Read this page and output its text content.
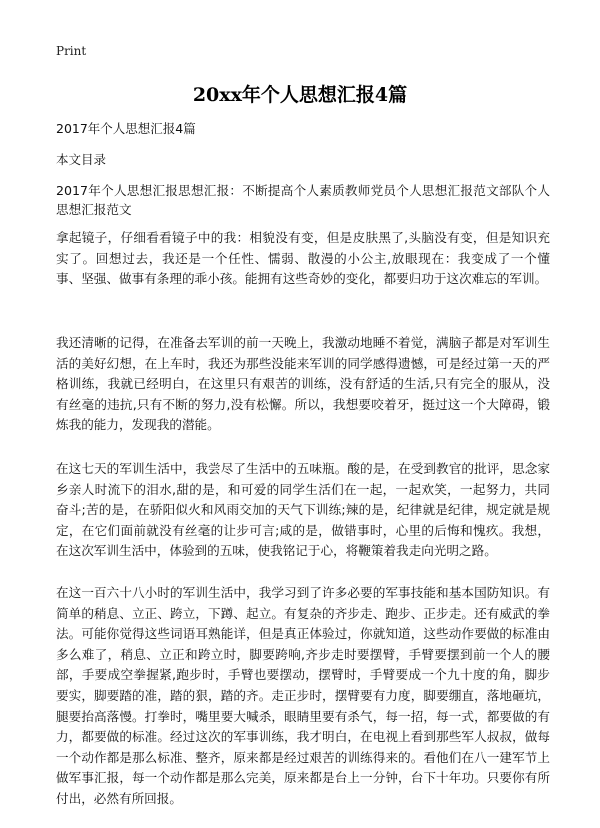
Print
20xx年个人思想汇报4篇

2017年个人思想汇报4篇

本文目录

2017年个人思想汇报思想汇报：不断提高个人素质教师党员个人思想汇报范文部队个人思想汇报范文

拿起镜子，仔细看看镜子中的我：相貌没有变，但是皮肤黑了,头脑没有变，但是知识充实了。回想过去，我还是一个任性、懦弱、散漫的小公主,放眼现在：我变成了一个懂事、坚强、做事有条理的乖小孩。能拥有这些奇妙的变化，都要归功于这次难忘的军训。

我还清晰的记得，在准备去军训的前一天晚上，我激动地睡不着觉，满脑子都是对军训生活的美好幻想，在上车时，我还为那些没能来军训的同学感得遗憾，可是经过第一天的严格训练，我就已经明白，在这里只有艰苦的训练，没有舒适的生活,只有完全的服从，没有丝毫的违抗,只有不断的努力,没有松懈。所以，我想要咬着牙，挺过这一个大障碍，锻炼我的能力，发现我的潜能。

在这七天的军训生活中，我尝尽了生活中的五味瓶。酸的是，在受到教官的批评，思念家乡亲人时流下的泪水,甜的是，和可爱的同学生活们在一起，一起欢笑，一起努力，共同奋斗;苦的是，在骄阳似火和风雨交加的天气下训练;辣的是，纪律就是纪律，规定就是规定，在它们面前就没有丝毫的让步可言;咸的是，做错事时，心里的后悔和愧疚。我想，在这次军训生活中，体验到的五味，使我铭记于心，将鞭策着我走向光明之路。

在这一百六十八小时的军训生活中，我学习到了许多必要的军事技能和基本国防知识。有简单的稍息、立正、跨立，下蹲、起立。有复杂的齐步走、跑步、正步走。还有威武的拳法。可能你觉得这些词语耳熟能详，但是真正体验过，你就知道，这些动作要做的标准由多么难了，稍息、立正和跨立时，脚要跨响,齐步走时要摆臂，手臂要摆到前一个人的腰部，手要成空拳握紧,跑步时，手臂也要摆动，摆臂时，手臂要成一个九十度的角，脚步要实，脚要踏的准，踏的狠，踏的齐。走正步时，摆臂要有力度，脚要绷直，落地砸坑，腿要抬高落慢。打拳时，嘴里要大喊杀，眼睛里要有杀气，每一招，每一式，都要做的有力，都要做的标准。经过这次的军事训练，我才明白，在电视上看到那些军人叔叔，做每一个动作都是那么标准、整齐，原来都是经过艰苦的训练得来的。看他们在八一建军节上做军事汇报，每一个动作都是那么完美，原来都是台上一分钟，台下十年功。只要你有所付出，必然有所回报。
